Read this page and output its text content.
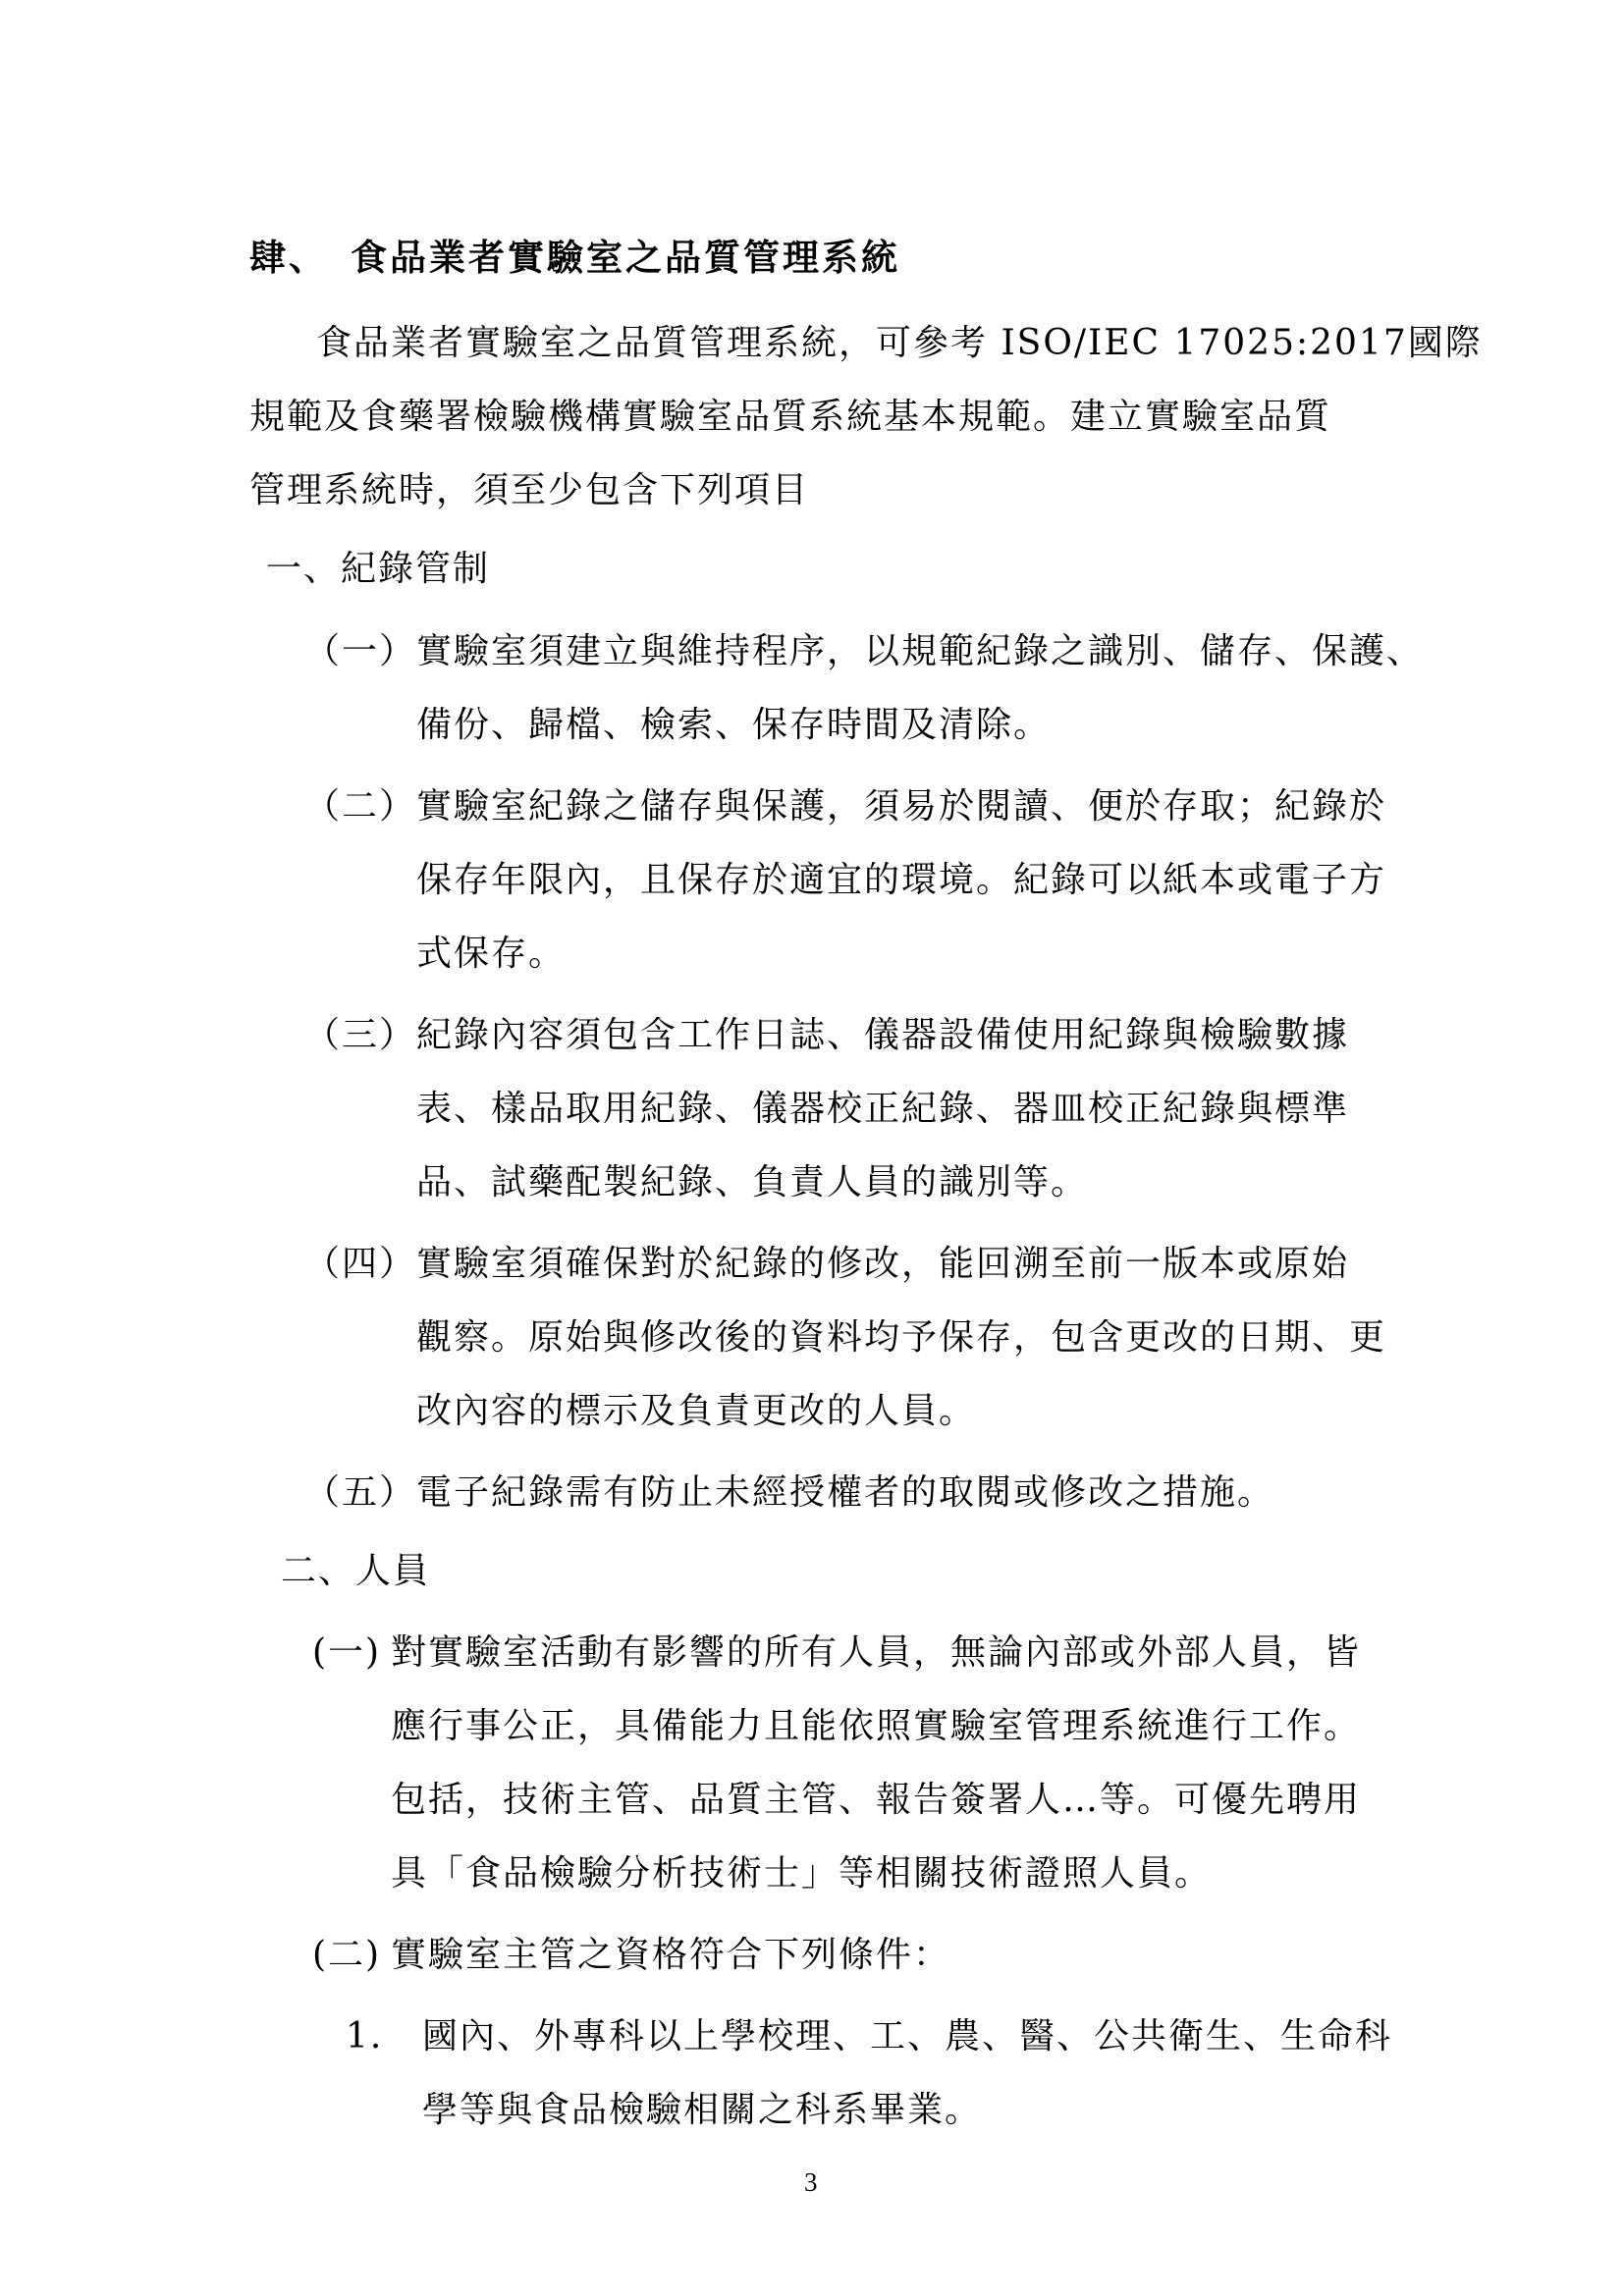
肆、 食品業者實驗室之品質管理系統
食品業者實驗室之品質管理系統，可參考 ISO/IEC 17025:2017國際
規範及食藥署檢驗機構實驗室品質系統基本規範。建立實驗室品質
管理系統時，須至少包含下列項目
一、紀錄管制
（一） 實驗室須建立與維持程序，以規範紀錄之識別、儲存、保護、
備份、歸檔、檢索、保存時間及清除。
（二） 實驗室紀錄之儲存與保護，須易於閱讀、便於存取；紀錄於
保存年限內，且保存於適宜的環境。紀錄可以紙本或電子方
式保存。
（三） 紀錄內容須包含工作日誌、儀器設備使用紀錄與檢驗數據
表、樣品取用紀錄、儀器校正紀錄、器皿校正紀錄與標準
品、試藥配製紀錄、負責人員的識別等。
（四） 實驗室須確保對於紀錄的修改，能回溯至前一版本或原始
觀察。原始與修改後的資料均予保存，包含更改的日期、更
改內容的標示及負責更改的人員。
（五） 電子紀錄需有防止未經授權者的取閱或修改之措施。
二、人員
(一) 對實驗室活動有影響的所有人員，無論內部或外部人員，皆
應行事公正，具備能力且能依照實驗室管理系統進行工作。
包括，技術主管、品質主管、報告簽署人…等。可優先聘用
具「食品檢驗分析技術士」等相關技術證照人員。
(二) 實驗室主管之資格符合下列條件：
1. 國內、外專科以上學校理、工、農、醫、公共衛生、生命科
學等與食品檢驗相關之科系畢業。
3
